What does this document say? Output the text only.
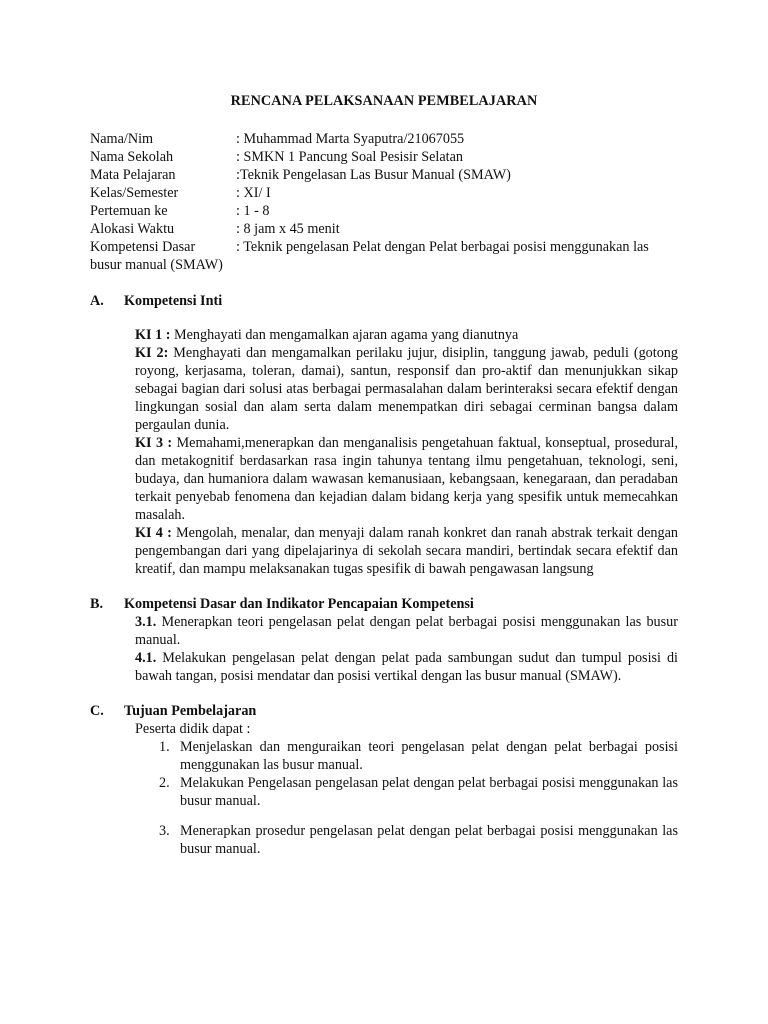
RENCANA PELAKSANAAN PEMBELAJARAN
Nama/Nim	: Muhammad Marta Syaputra/21067055
Nama Sekolah	: SMKN 1 Pancung Soal Pesisir Selatan
Mata Pelajaran	:Teknik Pengelasan Las Busur Manual (SMAW)
Kelas/Semester	: XI/ I
Pertemuan ke	: 1 - 8
Alokasi Waktu	: 8 jam x 45 menit
Kompetensi Dasar	: Teknik pengelasan Pelat dengan Pelat berbagai posisi menggunakan las
busur manual (SMAW)
A.	Kompetensi Inti
KI 1 : Menghayati dan mengamalkan ajaran agama yang dianutnya
KI 2: Menghayati dan mengamalkan perilaku jujur, disiplin, tanggung jawab, peduli (gotong royong, kerjasama, toleran, damai), santun, responsif dan pro-aktif dan menunjukkan sikap sebagai bagian dari solusi atas berbagai permasalahan dalam berinteraksi secara efektif dengan lingkungan sosial dan alam serta dalam menempatkan diri sebagai cerminan bangsa dalam pergaulan dunia.
KI 3 : Memahami,menerapkan dan menganalisis pengetahuan faktual, konseptual, prosedural, dan metakognitif berdasarkan rasa ingin tahunya tentang ilmu pengetahuan, teknologi, seni, budaya, dan humaniora dalam wawasan kemanusiaan, kebangsaan, kenegaraan, dan peradaban terkait penyebab fenomena dan kejadian dalam bidang kerja yang spesifik untuk memecahkan masalah.
KI 4 : Mengolah, menalar, dan menyaji dalam ranah konkret dan ranah abstrak terkait dengan pengembangan dari yang dipelajarinya di sekolah secara mandiri, bertindak secara efektif dan kreatif, dan mampu melaksanakan tugas spesifik di bawah pengawasan langsung
B.	Kompetensi Dasar dan Indikator Pencapaian Kompetensi
3.1. Menerapkan teori pengelasan pelat dengan pelat berbagai posisi menggunakan las busur manual.
4.1. Melakukan pengelasan pelat dengan pelat pada sambungan sudut dan tumpul posisi di bawah tangan, posisi mendatar dan posisi vertikal dengan las busur manual (SMAW).
C.	Tujuan Pembelajaran
Peserta didik dapat :
1. Menjelaskan dan menguraikan teori pengelasan pelat dengan pelat berbagai posisi menggunakan las busur manual.
2. Melakukan Pengelasan pengelasan pelat dengan pelat berbagai posisi menggunakan las busur manual.
3. Menerapkan prosedur pengelasan pelat dengan pelat berbagai posisi menggunakan las busur manual.
